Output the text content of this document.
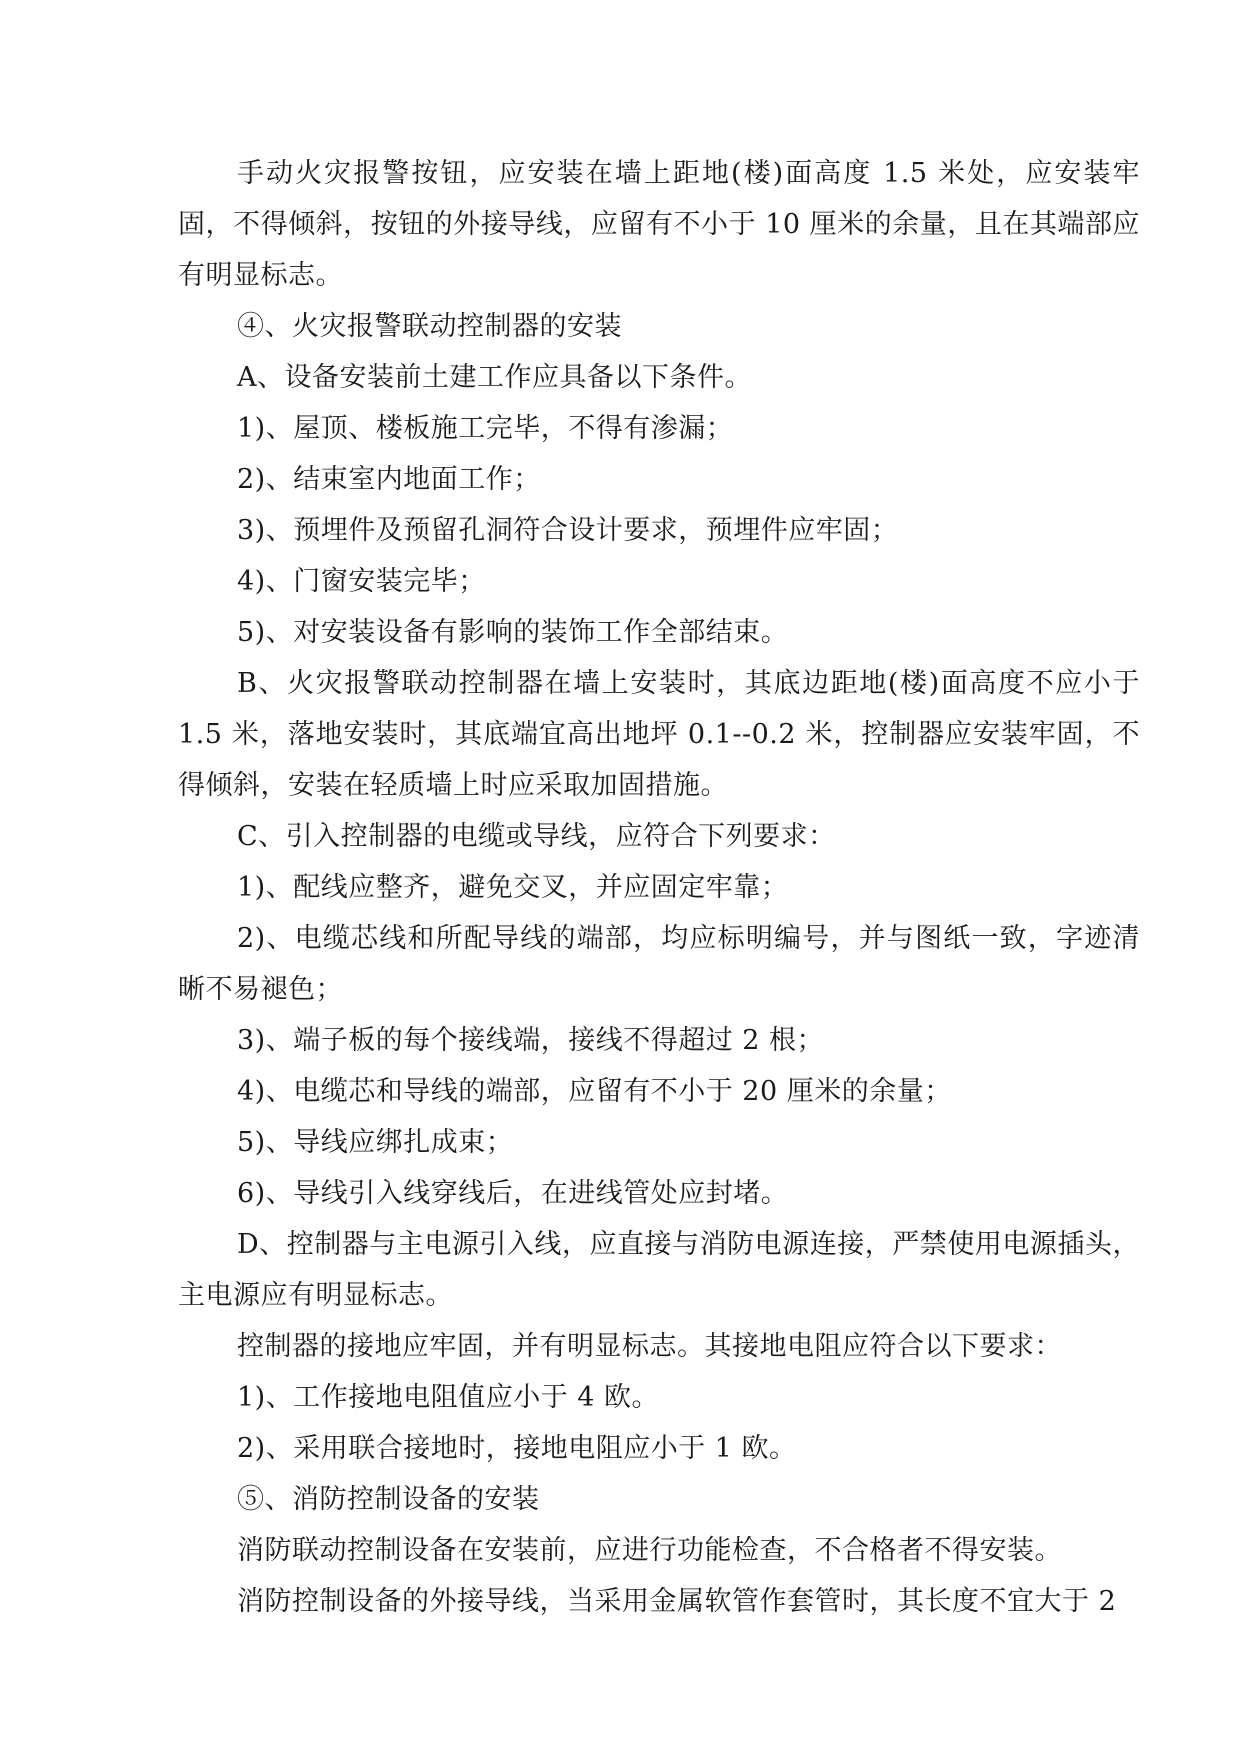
手动火灾报警按钮，应安装在墙上距地(楼)面高度 1.5 米处，应安装牢固，不得倾斜，按钮的外接导线，应留有不小于 10 厘米的余量，且在其端部应有明显标志。

④、火灾报警联动控制器的安装

A、设备安装前土建工作应具备以下条件。

1)、屋顶、楼板施工完毕，不得有渗漏；

2)、结束室内地面工作；

3)、预埋件及预留孔洞符合设计要求，预埋件应牢固；

4)、门窗安装完毕；

5)、对安装设备有影响的装饰工作全部结束。

B、火灾报警联动控制器在墙上安装时，其底边距地(楼)面高度不应小于 1.5 米，落地安装时，其底端宜高出地坪 0.1--0.2 米，控制器应安装牢固，不得倾斜，安装在轻质墙上时应采取加固措施。

C、引入控制器的电缆或导线，应符合下列要求：

1)、配线应整齐，避免交叉，并应固定牢靠；

2)、电缆芯线和所配导线的端部，均应标明编号，并与图纸一致，字迹清晰不易褪色；

3)、端子板的每个接线端，接线不得超过 2 根；

4)、电缆芯和导线的端部，应留有不小于 20 厘米的余量；

5)、导线应绑扎成束；

6)、导线引入线穿线后，在进线管处应封堵。

D、控制器与主电源引入线，应直接与消防电源连接，严禁使用电源插头，主电源应有明显标志。

控制器的接地应牢固，并有明显标志。其接地电阻应符合以下要求：

1)、工作接地电阻值应小于 4 欧。

2)、采用联合接地时，接地电阻应小于 1 欧。

⑤、消防控制设备的安装

消防联动控制设备在安装前，应进行功能检查，不合格者不得安装。

消防控制设备的外接导线，当采用金属软管作套管时，其长度不宜大于 2
